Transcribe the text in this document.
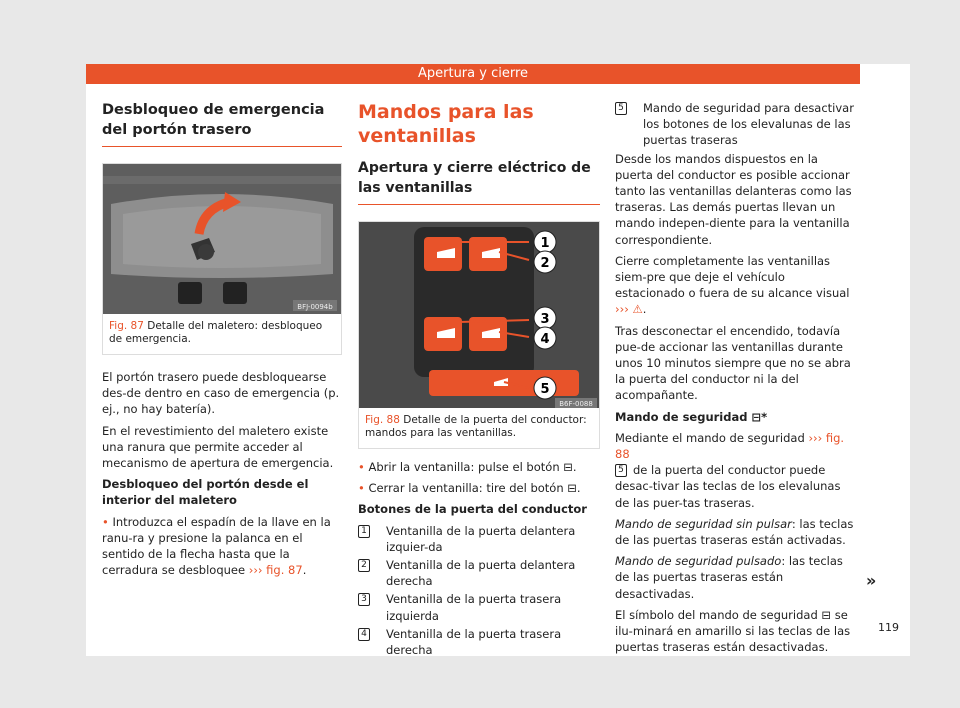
Apertura y cierre
Desbloqueo de emergencia del portón trasero
BFJ-0094b
Fig. 87 Detalle del maletero: desbloqueo de emergencia.

El portón trasero puede desbloquearse des-de dentro en caso de emergencia (p. ej., no hay batería).

En el revestimiento del maletero existe una ranura que permite acceder al mecanismo de apertura de emergencia.

Desbloqueo del portón desde el interior del maletero

• Introduzca el espadín de la llave en la ranu-ra y presione la palanca en el sentido de la flecha hasta que la cerradura se desbloquee ››› fig. 87.

Mandos para las ventanillas
Apertura y cierre eléctrico de las ventanillas
1
2
3
4
5
B6F-0088
Fig. 88 Detalle de la puerta del conductor: mandos para las ventanillas.

• Abrir la ventanilla: pulse el botón ⊟.

• Cerrar la ventanilla: tire del botón ⊟.

Botones de la puerta del conductor

1 Ventanilla de la puerta delantera izquier-da
2 Ventanilla de la puerta delantera derecha
3 Ventanilla de la puerta trasera izquierda
4 Ventanilla de la puerta trasera derecha
5 Mando de seguridad para desactivar los botones de los elevalunas de las puertas traseras

Desde los mandos dispuestos en la puerta del conductor es posible accionar tanto las ventanillas delanteras como las traseras. Las demás puertas llevan un mando indepen-diente para la ventanilla correspondiente.

Cierre completamente las ventanillas siem-pre que deje el vehículo estacionado o fuera de su alcance visual ››› ⚠.

Tras desconectar el encendido, todavía pue-de accionar las ventanillas durante unos 10 minutos siempre que no se abra la puerta del conductor ni la del acompañante.

Mando de seguridad ⊟*

Mediante el mando de seguridad ››› fig. 88
5 de la puerta del conductor puede desac-tivar las teclas de los elevalunas de las puer-tas traseras.

Mando de seguridad sin pulsar: las teclas de las puertas traseras están activadas.

Mando de seguridad pulsado: las teclas de las puertas traseras están desactivadas.

El símbolo del mando de seguridad ⊟ se ilu-minará en amarillo si las teclas de las puertas traseras están desactivadas.

»
119
